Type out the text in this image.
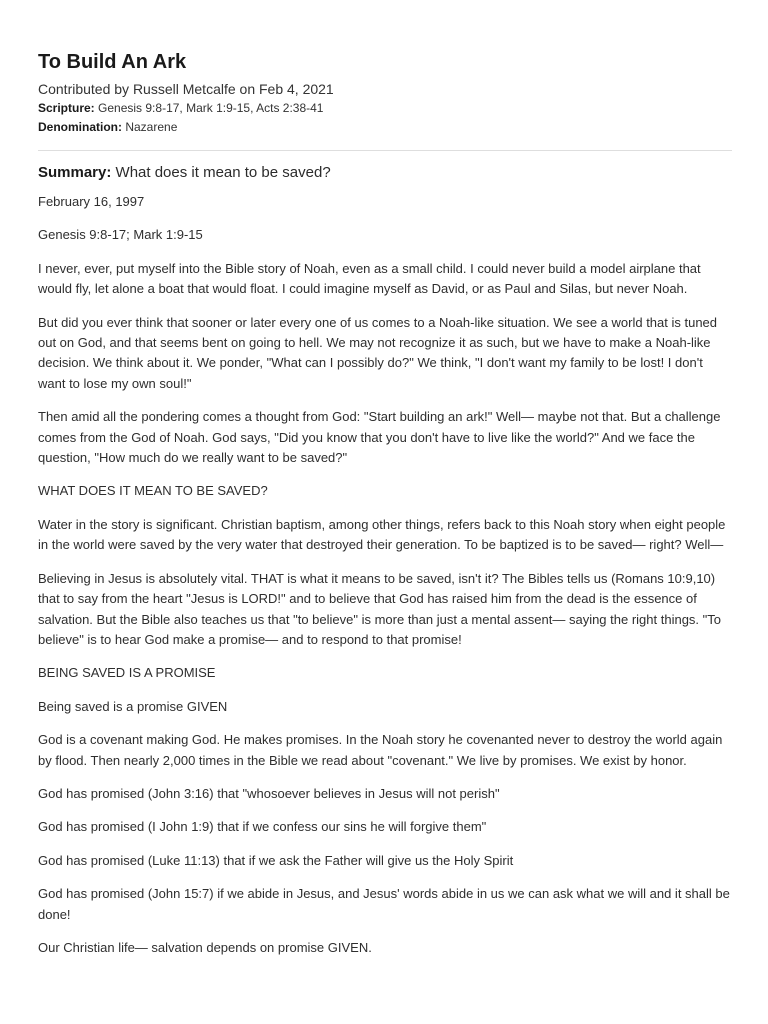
To Build An Ark
Contributed by Russell Metcalfe on Feb 4, 2021
Scripture: Genesis 9:8-17, Mark 1:9-15, Acts 2:38-41
Denomination: Nazarene
Summary: What does it mean to be saved?

February 16, 1997

Genesis 9:8-17; Mark 1:9-15

I never, ever, put myself into the Bible story of Noah, even as a small child. I could never build a model airplane that would fly, let alone a boat that would float. I could imagine myself as David, or as Paul and Silas, but never Noah.

But did you ever think that sooner or later every one of us comes to a Noah-like situation. We see a world that is tuned out on God, and that seems bent on going to hell. We may not recognize it as such, but we have to make a Noah-like decision. We think about it. We ponder, "What can I possibly do?" We think, "I don't want my family to be lost! I don't want to lose my own soul!"

Then amid all the pondering comes a thought from God: "Start building an ark!" Well— maybe not that. But a challenge comes from the God of Noah. God says, "Did you know that you don't have to live like the world?" And we face the question, "How much do we really want to be saved?"

WHAT DOES IT MEAN TO BE SAVED?

Water in the story is significant. Christian baptism, among other things, refers back to this Noah story when eight people in the world were saved by the very water that destroyed their generation. To be baptized is to be saved— right? Well—

Believing in Jesus is absolutely vital. THAT is what it means to be saved, isn't it? The Bibles tells us (Romans 10:9,10) that to say from the heart "Jesus is LORD!" and to believe that God has raised him from the dead is the essence of salvation. But the Bible also teaches us that "to believe" is more than just a mental assent— saying the right things. "To believe" is to hear God make a promise— and to respond to that promise!

BEING SAVED IS A PROMISE

Being saved is a promise GIVEN

God is a covenant making God. He makes promises. In the Noah story he covenanted never to destroy the world again by flood. Then nearly 2,000 times in the Bible we read about "covenant." We live by promises. We exist by honor.

God has promised (John 3:16) that "whosoever believes in Jesus will not perish"

God has promised (I John 1:9) that if we confess our sins he will forgive them"

God has promised (Luke 11:13) that if we ask the Father will give us the Holy Spirit

God has promised (John 15:7) if we abide in Jesus, and Jesus' words abide in us we can ask what we will and it shall be done!

Our Christian life— salvation depends on promise GIVEN.
